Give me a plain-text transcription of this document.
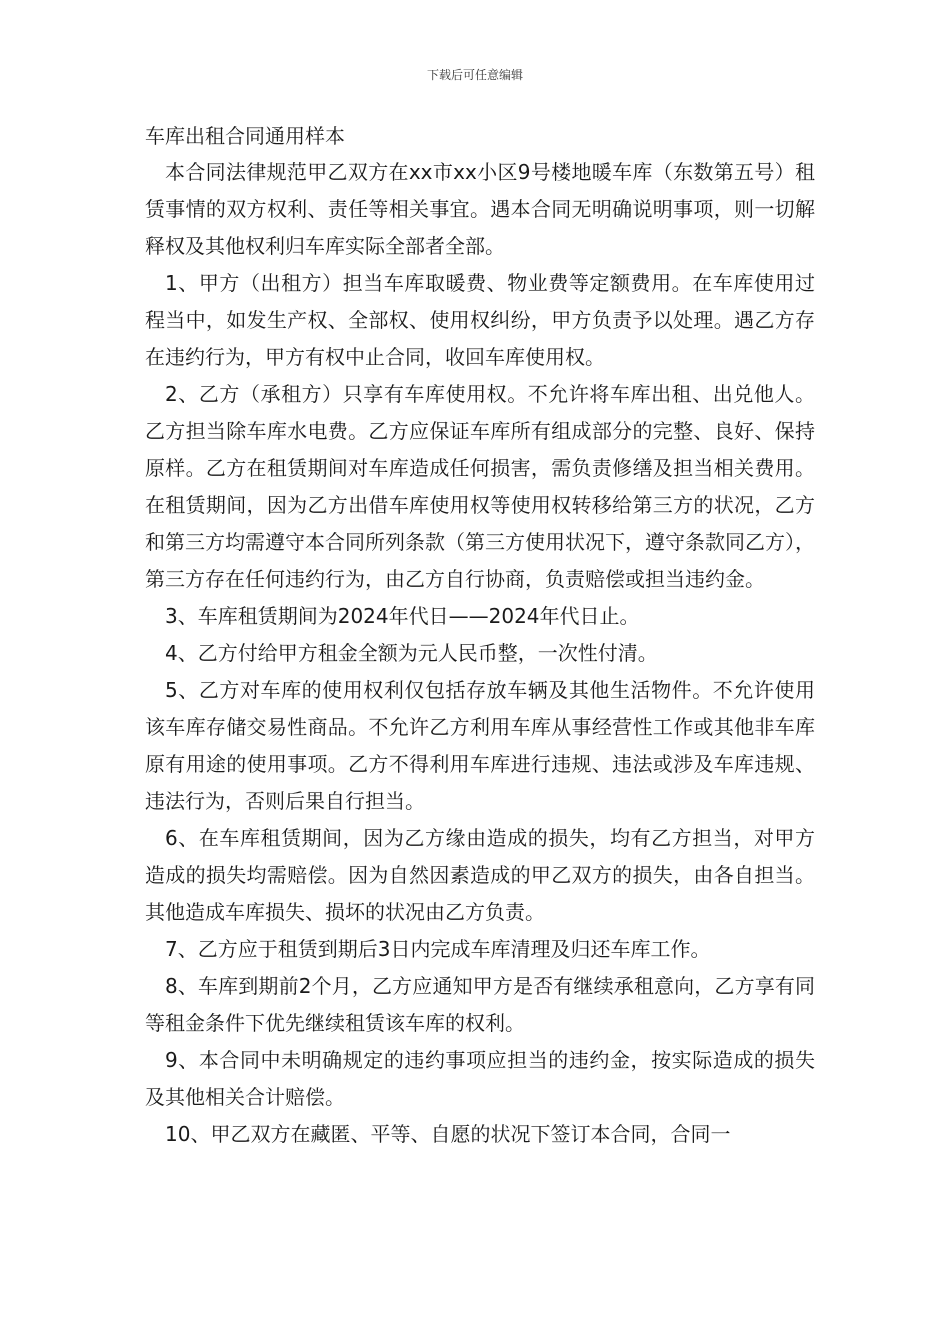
下载后可任意编辑
车库出租合同通用样本

本合同法律规范甲乙双方在xx市xx小区9号楼地暖车库（东数第五号）租赁事情的双方权利、责任等相关事宜。遇本合同无明确说明事项，则一切解释权及其他权利归车库实际全部者全部。

1、甲方（出租方）担当车库取暖费、物业费等定额费用。在车库使用过程当中，如发生产权、全部权、使用权纠纷，甲方负责予以处理。遇乙方存在违约行为，甲方有权中止合同，收回车库使用权。

2、乙方（承租方）只享有车库使用权。不允许将车库出租、出兑他人。乙方担当除车库水电费。乙方应保证车库所有组成部分的完整、良好、保持原样。乙方在租赁期间对车库造成任何损害，需负责修缮及担当相关费用。在租赁期间，因为乙方出借车库使用权等使用权转移给第三方的状况，乙方和第三方均需遵守本合同所列条款（第三方使用状况下，遵守条款同乙方），第三方存在任何违约行为，由乙方自行协商，负责赔偿或担当违约金。

3、车库租赁期间为2024年代日——2024年代日止。

4、乙方付给甲方租金全额为元人民币整，一次性付清。

5、乙方对车库的使用权利仅包括存放车辆及其他生活物件。不允许使用该车库存储交易性商品。不允许乙方利用车库从事经营性工作或其他非车库原有用途的使用事项。乙方不得利用车库进行违规、违法或涉及车库违规、违法行为，否则后果自行担当。

6、在车库租赁期间，因为乙方缘由造成的损失，均有乙方担当，对甲方造成的损失均需赔偿。因为自然因素造成的甲乙双方的损失，由各自担当。其他造成车库损失、损坏的状况由乙方负责。

7、乙方应于租赁到期后3日内完成车库清理及归还车库工作。

8、车库到期前2个月，乙方应通知甲方是否有继续承租意向，乙方享有同等租金条件下优先继续租赁该车库的权利。

9、本合同中未明确规定的违约事项应担当的违约金，按实际造成的损失及其他相关合计赔偿。

10、甲乙双方在藏匿、平等、自愿的状况下签订本合同，合同一
